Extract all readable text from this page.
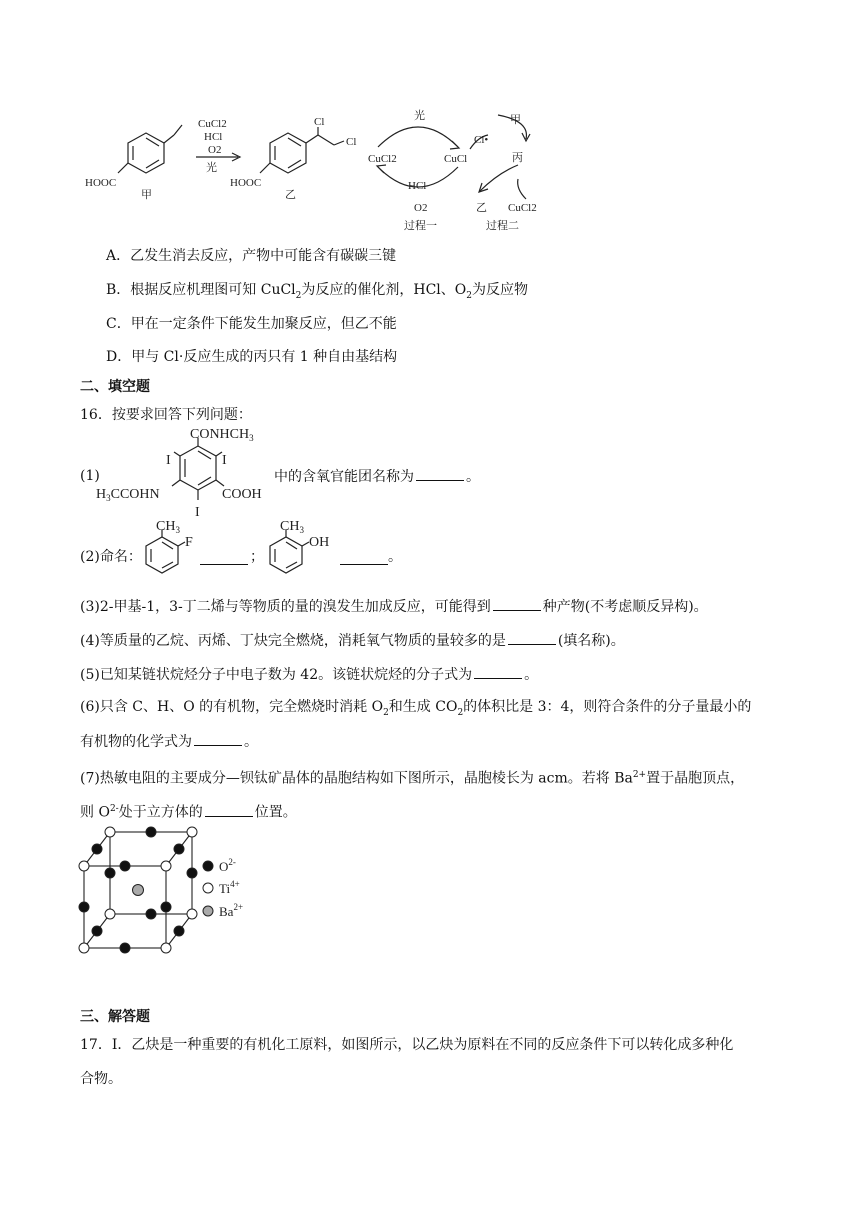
HOOC
甲
CuCl2
HCl
O2
光
HOOC
乙
Cl
Cl
光
CuCl2	CuCl
Cl•
甲
丙
HCl
O2
过程一
乙 CuCl2
过程二
A．乙发生消去反应，产物中可能含有碳碳三键
B．根据反应机理图可知 CuCl$_2$为反应的催化剂，HCl、$O_2$为反应物
C．甲在一定条件下能发生加聚反应，但乙不能
D．甲与 Cl·反应生成的丙只有 1 种自由基结构
二、填空题
16．按要求回答下列问题：
(1)
$CONHCH_3$
I	I
$H_3CCOHN$	COOH
I
中的含氧官能团名称为	。
(2)命名：
$CH_3$
F
；
$CH_3$
OH
。
(3)2-甲基-1，3-丁二烯与等物质的量的溴发生加成反应，可能得到	种产物(不考虑顺反异构)。
(4)等质量的乙烷、丙烯、丁炔完全燃烧，消耗氧气物质的量较多的是	(填名称)。
(5)已知某链状烷烃分子中电子数为 42。该链状烷烃的分子式为	。
(6)只含 C、H、O 的有机物，完全燃烧时消耗 $O_2$和生成 $CO_2$的体积比是 3：4，则符合条件的分子量最小的
有机物的化学式为	。
(7)热敏电阻的主要成分—钡钛矿晶体的晶胞结构如下图所示，晶胞棱长为 acm。若将 $Ba^{2+}$置于晶胞顶点，
则 $O^{2-}$处于立方体的	位置。
$O^{2-}$
$Ti^{4+}$
$Ba^{2+}$
三、解答题
17．I．乙炔是一种重要的有机化工原料，如图所示，以乙炔为原料在不同的反应条件下可以转化成多种化
合物。
